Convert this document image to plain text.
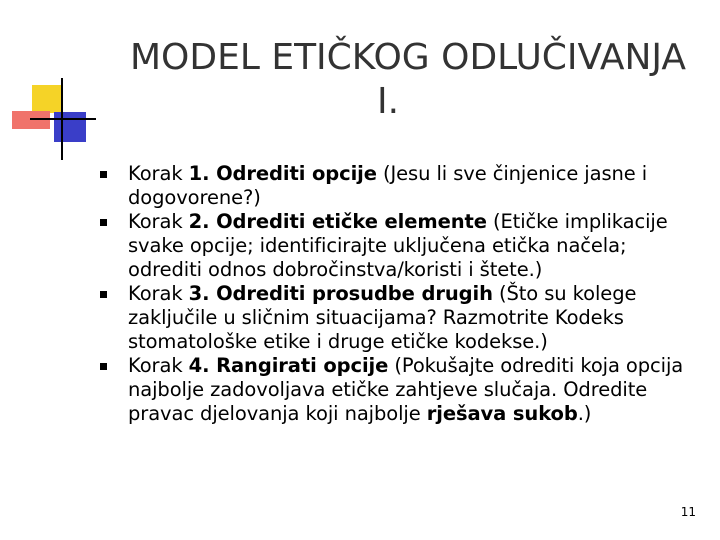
MODEL ETIČKOG ODLUČIVANJA
I.
Korak 1. Odrediti opcije (Jesu li sve činjenice jasne i dogovorene?)
Korak 2. Odrediti etičke elemente (Etičke implikacije svake opcije; identificirajte uključena etička načela; odrediti odnos dobročinstva/koristi i štete.)
Korak 3. Odrediti prosudbe drugih (Što su kolege zaključile u sličnim situacijama? Razmotrite Kodeks stomatološke etike i druge etičke kodekse.)
Korak 4. Rangirati opcije (Pokušajte odrediti koja opcija najbolje zadovoljava etičke zahtjeve slučaja. Odredite pravac djelovanja koji najbolje rješava sukob.)
11
